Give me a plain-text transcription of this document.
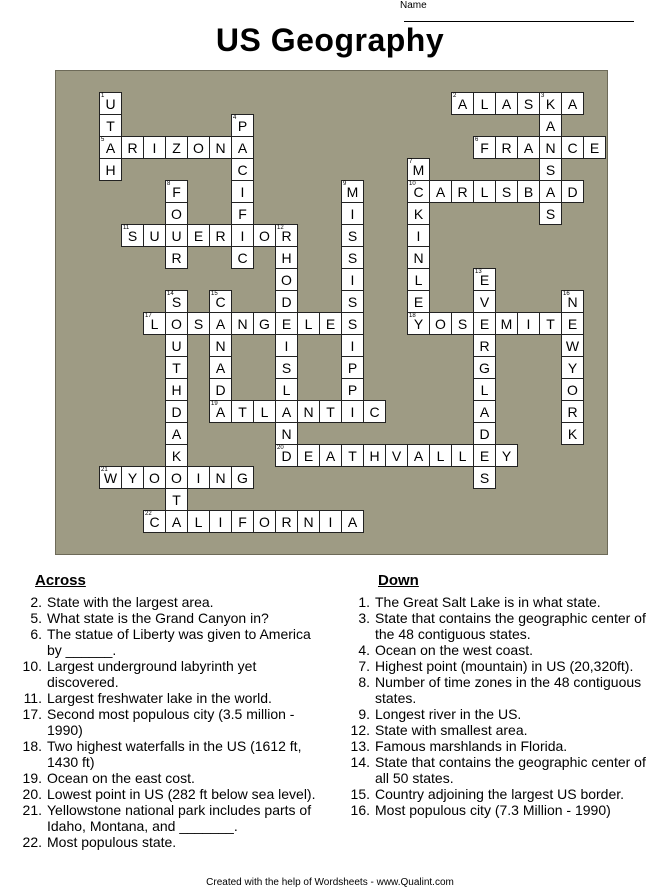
Name
US Geography
U
1
T
A
5
H
A
2	L A S K
3	A
A
N
S
A
S
P
4
A
C
I
F
I
C
R	I	Z O N	F
6	R A	C E
M
7
C
10
K
I
N
L
E
Y
18
F
8
O
U
R
M
9
I
S
S
I
S
S
I
P
P
I
A R L S B	D
S
11	U	E R	O R
12
H
O
D
E
I
S
L
A
N
D
20
E
13
V
E
R
G
L
A
D
E
S
S
14
O
U
T
H
D
A
K
O
T
A
C
15
A
N
A
D
A
19
N
16
E
W
Y
O
R
K
L
17	S	N G	L E	O S	M	I	T
T L	N T	C
E A T H V A L	L	Y
W
21	Y O	I	N G
C
22	L	I	F O R N	I	A
Across
2. State with the largest area.
5. What state is the Grand Canyon in?
6. The statue of Liberty was given to America by ______.
10. Largest underground labyrinth yet discovered.
11. Largest freshwater lake in the world.
17. Second most populous city (3.5 million - 1990)
18. Two highest waterfalls in the US (1612 ft, 1430 ft)
19. Ocean on the east cost.
20. Lowest point in US (282 ft below sea level).
21. Yellowstone national park includes parts of Idaho, Montana, and _______.
22. Most populous state.
Down
1. The Great Salt Lake is in what state.
3. State that contains the geographic center of the 48 contiguous states.
4. Ocean on the west coast.
7. Highest point (mountain) in US (20,320ft).
8. Number of time zones in the 48 contiguous states.
9. Longest river in the US.
12. State with smallest area.
13. Famous marshlands in Florida.
14. State that contains the geographic center of all 50 states.
15. Country adjoining the largest US border.
16. Most populous city (7.3 Million - 1990)
Created with the help of Wordsheets - www.Qualint.com
